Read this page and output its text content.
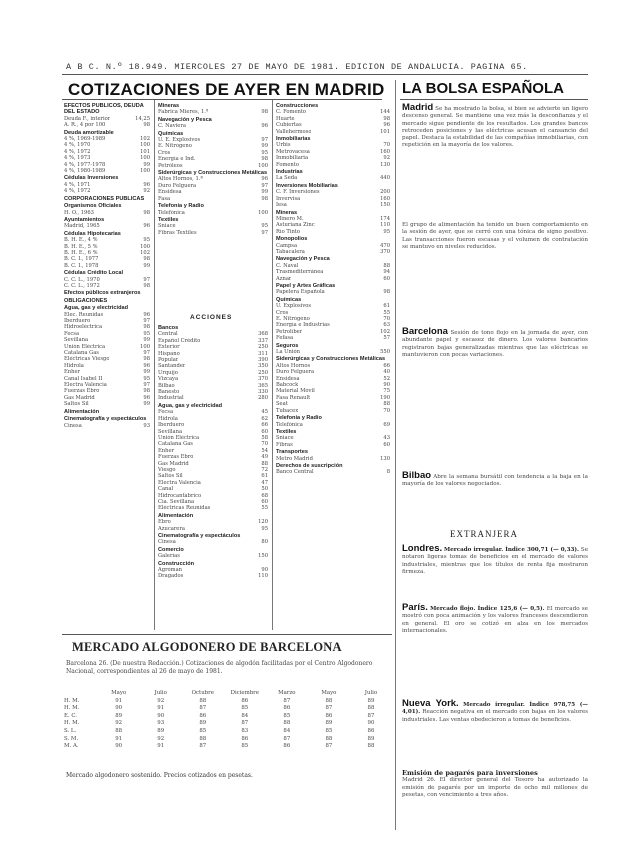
A B C. N.º 18.949. MIERCOLES 27 DE MAYO DE 1981. EDICION DE ANDALUCIA. PAGINA 65.
COTIZACIONES DE AYER EN MADRID LA BOLSA ESPAÑOLA
EFECTOS PUBLICOS, DEUDA DEL ESTADO
Deuda F., interior	14,25
A. R., 4 por 100	98
Deuda amortizable
4 %, 1969-1989	102
4 %, 1970	100
4 %, 1972	101
4 %, 1973	100
4 %, 1977-1978	99
4 %, 1980-1989	100
Cédulas Inversiones
4 %, 1971	96
4 %, 1972	92
CORPORACIONES PUBLICAS
Organismos Oficiales
H. O., 1963	98
Ayuntamientos
Madrid, 1965	96
Cédulas Hipotecarias
B. H. E., 4 %	95
B. H. E., 5 %	100
B. H. E., 6 %	102
B. C. I., 1977	98
B. C. I., 1978	99
Cédulas Crédito Local
C. C. L., 1970	97
C. C. L., 1972	98
Efectos públicos extranjeros
OBLIGACIONES
Agua, gas y electricidad
Elec. Reunidas	96
Iberduero	97
Hidroeléctrica	98
Fecsa	95
Sevillana	99
Unión Eléctrica	100
Catalana Gas	97
Eléctricas Viesgo	98
Hidrola	96
Enher	99
Canal Isabel II	95
Electra Valencia	97
Fuerzas Ebro	98
Gas Madrid	96
Saltos Sil	99
Alimentación
Cinematografía y espectáculos
Cinesa	93
Mineras
Fabrica Mieres, 1.ª	98
Navegación y Pesca
C. Naviera	96
Químicas
U. E. Explosivos	97
E. Nitrógeno	99
Cros	95
Energía e Ind.	98
Petróleos	100
Siderúrgicas y Construcciones Metálicas
Altos Hornos, 1.ª	96
Duro Felguera	97
Ensidesa	99
Fasa	98
Telefonía y Radio
Telefónica	100
Textiles
Sniace	95
Fibras Textiles	97
ACCIONES
Bancos
Central	368
Español Crédito	337
Exterior	250
Hispano	311
Popular	390
Santander	350
Urquijo	250
Vizcaya	370
Bilbao	365
Banesto	330
Industrial	280
Agua, gas y electricidad
Fecsa	45
Hidrola	62
Iberduero	66
Sevillana	60
Unión Eléctrica	58
Catalana Gas	70
Enher	54
Fuerzas Ebro	49
Gas Madrid	88
Viesgo	72
Saltos Sil	61
Electra Valencia	47
Canal	50
Hidrocantábrico	68
Cía. Sevillana	60
Eléctricas Reunidas	55
Alimentación
Ebro	120
Azucarera	95
Cinematografía y espectáculos
Cinesa	80
Comercio
Galerías	150
Construcción
Agroman	90
Dragados	110
Construcciones
C. Fomento	144
Huarte	98
Cubiertas	96
Vallehermoso	101
Inmobiliarias
Urbis	70
Metrovacesa	160
Inmobiliaria	92
Fomento	130
Industrias
La Seda	440
Inversiones Mobiliarias
C. F. Inversiones	200
Invervisa	160
Iesa	150
Mineras
Minero M.	174
Asturiana Zinc	110
Río Tinto	95
Monopolios
Campsa	470
Tabacalera	370
Navegación y Pesca
C. Naval	88
Trasmediterránea	94
Aznar	60
Papel y Artes Gráficas
Papelera Española	98
Químicas
U. Explosivos	61
Cros	55
E. Nitrógeno	70
Energía e Industrias	63
Petrolíber	102
Fefasa	57
Seguros
La Unión	550
Siderúrgicas y Construcciones Metálicas
Altos Hornos	66
Duro Felguera	40
Ensidesa	52
Babcock	90
Material Móvil	75
Fasa Renault	190
Seat	88
Tubacex	70
Telefonía y Radio
Telefónica	69
Textiles
Sniace	43
Fibras	60
Transportes
Metro Madrid	130
Derechos de suscripción
Banco Central	8
MERCADO ALGODONERO DE BARCELONA
Barcelona 26. (De nuestra Redacción.) Cotizaciones de algodón facilitadas por el Centro Algodonero Nacional, correspondientes al 26 de mayo de 1981.
Mayo	Julio	Octubre	Diciembre	Marzo	Mayo	Julio
H. M.	91	92	88	86	87	88	89
H. M.	90	91	87	85	86	87	88
E. C.	89	90	86	84	85	86	87
H. M.	92	93	89	87	88	89	90
S. L.	88	89	85	83	84	85	86
S. M.	91	92	88	86	87	88	89
M. A.	90	91	87	85	86	87	88
Mercado algodonero sostenido. Precios cotizados en pesetas.
Madrid Se ha mostrado la bolsa, si bien se advierte un ligero descenso general. Se mantiene una vez más la desconfianza y el mercado sigue pendiente de los resultados. Los grandes bancos retroceden posiciones y las eléctricas acusan el cansancio del papel. Destaca la estabilidad de las compañías inmobiliarias, con repetición en la mayoría de los valores.
El grupo de alimentación ha tenido un buen comportamiento en la sesión de ayer, que se cerró con una tónica de signo positivo. Las transacciones fueron escasas y el volumen de contratación se mantuvo en niveles reducidos.
Barcelona Sesión de tono flojo en la jornada de ayer, con abundante papel y escasez de dinero. Los valores bancarios registraron bajas generalizadas mientras que las eléctricas se mantuvieron con pocas variaciones.
Bilbao Abre la semana bursátil con tendencia a la baja en la mayoría de los valores negociados.
EXTRANJERA
Londres. Mercado irregular. Índice 300,71 (— 0,33). Se notaron ligeras tomas de beneficios en el mercado de valores industriales, mientras que los títulos de renta fija mostraron firmeza.
París. Mercado flojo. Índice 125,6 (— 0,5). El mercado se mostró con poca animación y los valores franceses descendieron en general. El oro se cotizó en alza en los mercados internacionales.
Nueva York. Mercado irregular. Índice 978,75 (— 4,01). Reacción negativa en el mercado con bajas en los valores industriales. Las ventas obedecieron a tomas de beneficios.
Emisión de pagarés para inversiones
Madrid 26. El director general del Tesoro ha autorizado la emisión de pagarés por un importe de ocho mil millones de pesetas, con vencimiento a tres años.
